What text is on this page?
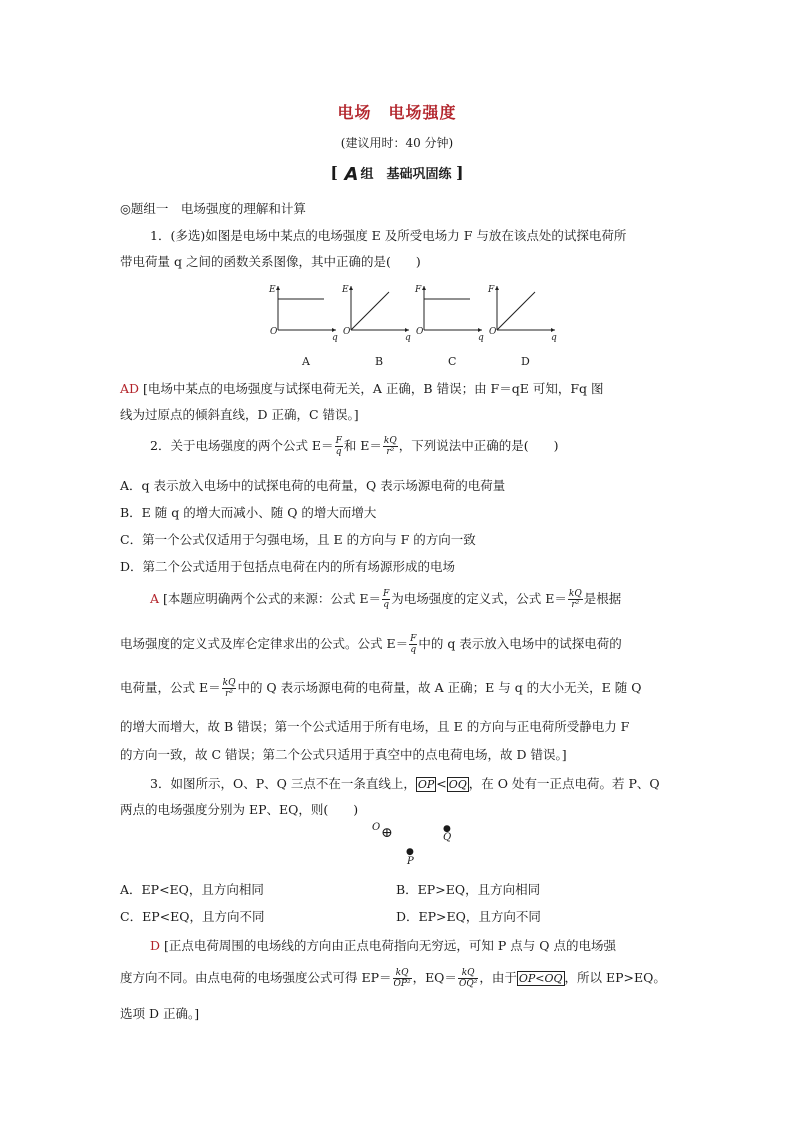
电场　电场强度
(建议用时：40 分钟)
[ A 组　基础巩固练 ]
◎题组一　电场强度的理解和计算
1．(多选)如图是电场中某点的电场强度 E 及所受电场力 F 与放在该点处的试探电荷所
带电荷量 q 之间的函数关系图像，其中正确的是(　　)
E
O
q
A
E
O
q
B
F
O
q
C
F
O
q
D
AD [电场中某点的电场强度与试探电荷无关，A 正确，B 错误；由 F＝qE 可知，Fq 图
线为过原点的倾斜直线，D 正确，C 错误。]
2．关于电场强度的两个公式 $E= \frac{F}{q}$ 和 $E= \frac{kQ}{\text{r²}}$ ，下列说法中正确的是(　　)
A．q 表示放入电场中的试探电荷的电荷量，Q 表示场源电荷的电荷量
B．E 随 q 的增大而减小、随 Q 的增大而增大
C．第一个公式仅适用于匀强电场，且 E 的方向与 F 的方向一致
D．第二个公式适用于包括点电荷在内的所有场源形成的电场
A [本题应明确两个公式的来源：公式 $E= \frac{F}{q}$ 为电场强度的定义式，公式 $E= \frac{kQ}{\text{r²}}$ 是根据
电场强度的定义式及库仑定律求出的公式。公式 $E= \frac{F}{q}$ 中的 q 表示放入电场中的试探电荷的
电荷量，公式 $E= \frac{kQ}{\text{r²}}$ 中的 Q 表示场源电荷的电荷量，故 A 正确；E 与 q 的大小无关，E 随 Q
的增大而增大，故 B 错误；第一个公式适用于所有电场，且 E 的方向与正电荷所受静电力 F
的方向一致，故 C 错误；第二个公式只适用于真空中的点电荷电场，故 D 错误。]
3．如图所示，O、P、Q 三点不在一条直线上， OP < OQ ，在 O 处有一正点电荷。若 P、Q
两点的电场强度分别为 EP、EQ，则(　　)
O ⊕	●
Q
●
P
A．EP<EQ，且方向相同	B．EP>EQ，且方向相同
C．EP<EQ，且方向不同	D．EP>EQ，且方向不同
D [正点电荷周围的电场线的方向由正点电荷指向无穷远，可知 P 点与 Q 点的电场强
度方向不同。由点电荷的电场强度公式可得 $EP= \frac{kQ}{\text{OP²}}$ ，$EQ= \frac{kQ}{\text{OQ²}}$ ，由于 OP<OQ ，所以 EP>EQ。
选项 D 正确。]
